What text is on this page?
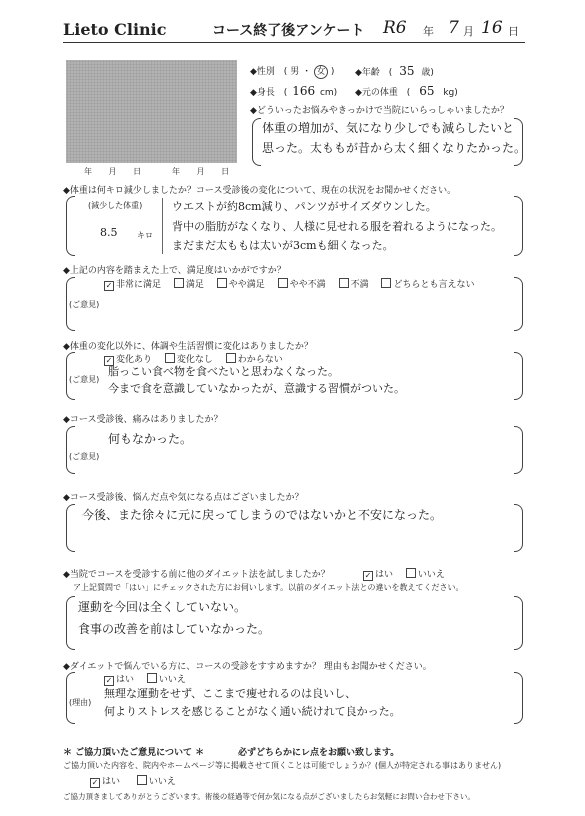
Lieto Clinic	コース終了後アンケート R6 年 7 月 16 日
年 月 日	年 月 日
◆性別 ( 男 ・ 女 ) ◆年齢 ( 35 歳)
◆身長 ( 166 cm) ◆元の体重 ( 65 kg)
◆どういったお悩みやきっかけで当院にいらっしゃいましたか？
体重の増加が、気になり少しでも減らしたいと
思った。太ももが昔から太く細くなりたかった。
◆体重は何キロ減少しましたか？コース受診後の変化について、現在の状況をお聞かせください。
(減少した体重)
8.5 キロ
ウエストが約8cm減り、パンツがサイズダウンした。
背中の脂肪がなくなり、人様に見せれる服を着れるようになった。
まだまだ太ももは太いが3cmも細くなった。
◆上記の内容を踏まえた上で、満足度はいかがですか？
✓ 非常に満足	満足	やや満足	やや不満	不満	どちらとも言えない
(ご意見)
◆体重の変化以外に、体調や生活習慣に変化はありましたか？
✓ 変化あり	変化なし	わからない
(ご意見)
脂っこい食べ物を食べたいと思わなくなった。
今まで食を意識していなかったが、意識する習慣がついた。
◆コース受診後、痛みはありましたか？
何もなかった。
(ご意見)
◆コース受診後、悩んだ点や気になる点はございましたか？
今後、また徐々に元に戻ってしまうのではないかと不安になった。
◆当院でコースを受診する前に他のダイエット法を試しましたか？	✓ はい	いいえ
ア上記質問で「はい」にチェックされた方にお伺いします。以前のダイエット法との違いを教えてください。
運動を今回は全くしていない。
食事の改善を前はしていなかった。
◆ダイエットで悩んでいる方に、コースの受診をすすめますか？ 理由もお聞かせください。
✓ はい	いいえ
(理由)
無理な運動をせず、ここまで痩せれるのは良いし、
何よりストレスを感じることがなく通い続けれて良かった。
＊ ご協力頂いたご意見について ＊	必ずどちらかにレ点をお願い致します。
ご協力頂いた内容を、院内やホームページ等に掲載させて頂くことは可能でしょうか？(個人が特定される事はありません)
✓ はい	いいえ
ご協力頂きましてありがとうございます。術後の経過等で何か気になる点がございましたらお気軽にお問い合わせ下さい。
